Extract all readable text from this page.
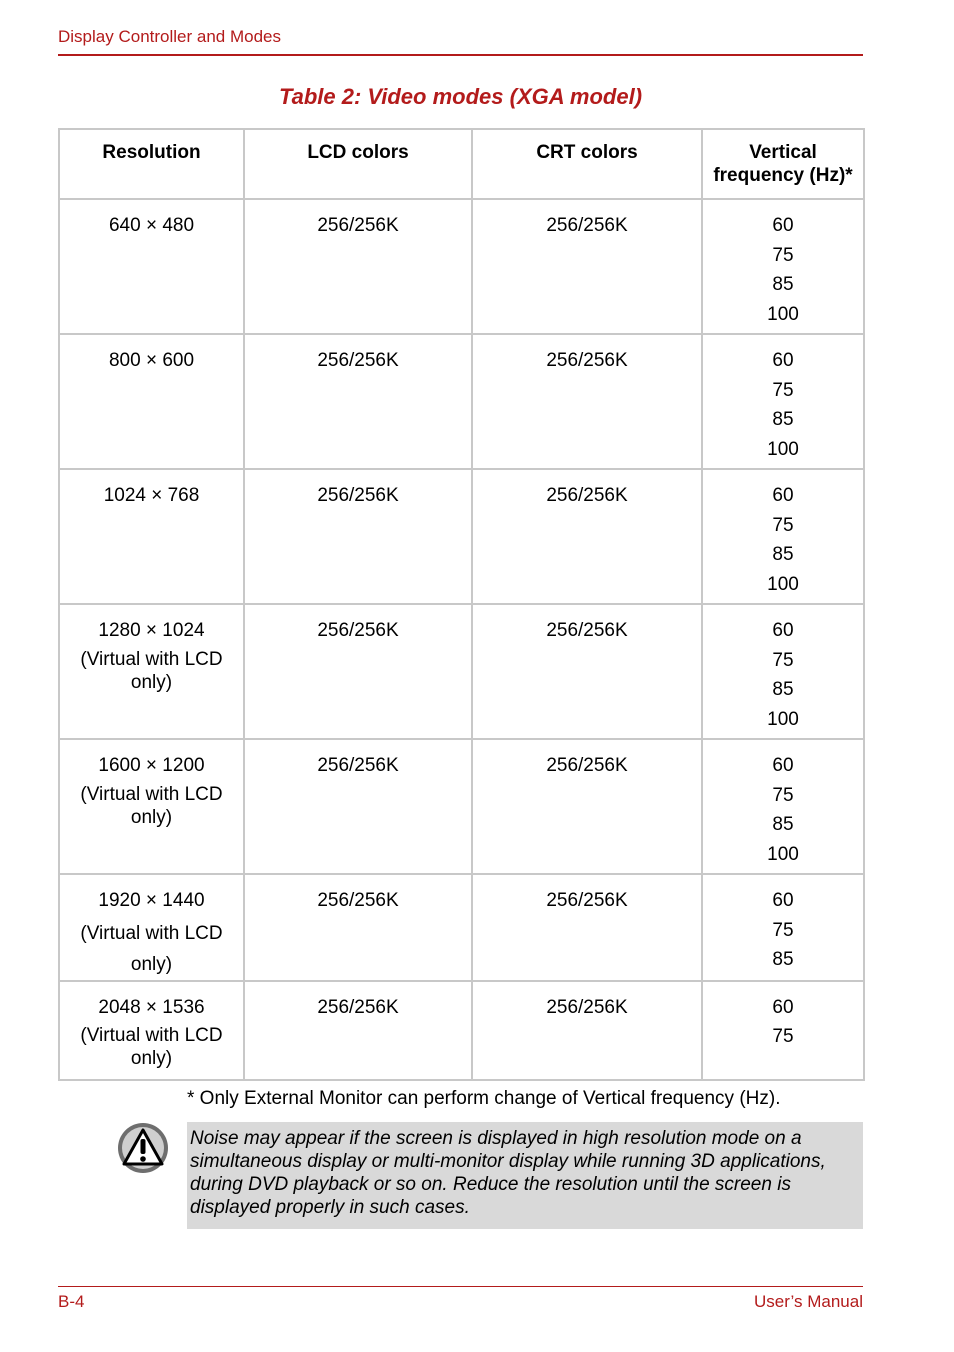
Display Controller and Modes
Table 2: Video modes (XGA model)
Resolution	LCD colors	CRT colors	Vertical frequency (Hz)*
640 × 480	256/256K	256/256K	60
75
85
100

800 × 600	256/256K	256/256K	60
75
85
100

1024 × 768	256/256K	256/256K	60
75
85
100

1280 × 1024
(Virtual with LCD only)	256/256K	256/256K	60
75
85
100

1600 × 1200
(Virtual with LCD only)	256/256K	256/256K	60
75
85
100

1920 × 1440
(Virtual with LCD only)	256/256K	256/256K	60
75
85

2048 × 1536
(Virtual with LCD only)	256/256K	256/256K	60
75
* Only External Monitor can perform change of Vertical frequency (Hz).
Noise may appear if the screen is displayed in high resolution mode on a simultaneous display or multi-monitor display while running 3D applications, during DVD playback or so on. Reduce the resolution until the screen is displayed properly in such cases.
B-4	User’s Manual
